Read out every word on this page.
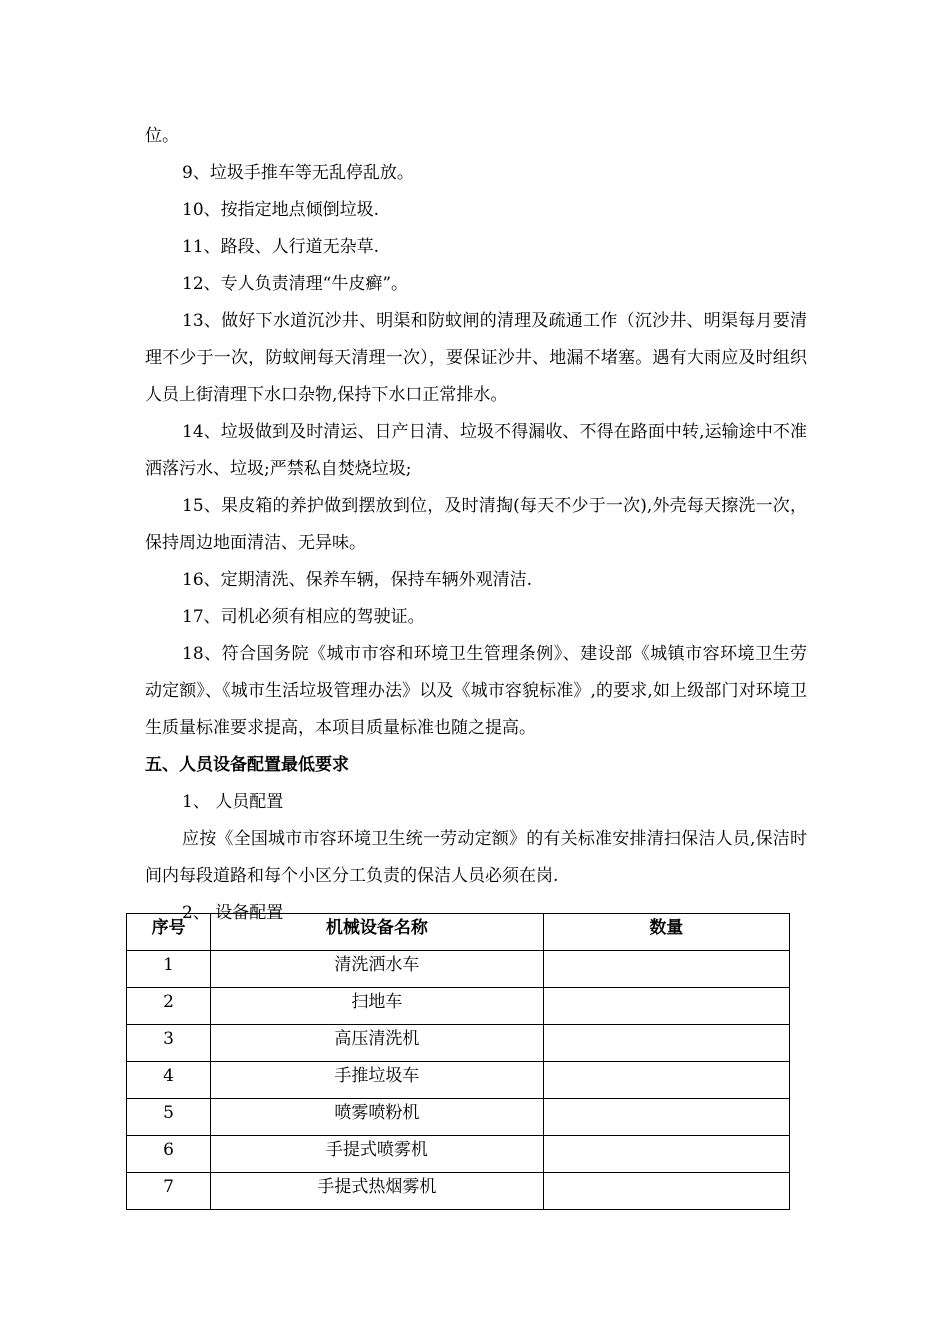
位。
9、垃圾手推车等无乱停乱放。
10、按指定地点倾倒垃圾.
11、路段、人行道无杂草.
12、专人负责清理“牛皮癣”。

13、做好下水道沉沙井、明渠和防蚊闸的清理及疏通工作（沉沙井、明渠每月要清理不少于一次，防蚊闸每天清理一次），要保证沙井、地漏不堵塞。遇有大雨应及时组织人员上街清理下水口杂物,保持下水口正常排水。

14、垃圾做到及时清运、日产日清、垃圾不得漏收、不得在路面中转,运输途中不准洒落污水、垃圾;严禁私自焚烧垃圾;

15、果皮箱的养护做到摆放到位，及时清掏(每天不少于一次),外壳每天擦洗一次，保持周边地面清洁、无异味。

16、定期清洗、保养车辆，保持车辆外观清洁.
17、司机必须有相应的驾驶证。

18、符合国务院《城市市容和环境卫生管理条例》、建设部《城镇市容环境卫生劳动定额》、《城市生活垃圾管理办法》以及《城市容貌标准》,的要求,如上级部门对环境卫生质量标准要求提高，本项目质量标准也随之提高。

五、人员设备配置最低要求
1、 人员配置

应按《全国城市市容环境卫生统一劳动定额》的有关标准安排清扫保洁人员,保洁时间内每段道路和每个小区分工负责的保洁人员必须在岗.

2、 设备配置
序号	机械设备名称	数量
1	清洗洒水车	
2	扫地车	
3	高压清洗机	
4	手推垃圾车	
5	喷雾喷粉机	
6	手提式喷雾机	
7	手提式热烟雾机	
